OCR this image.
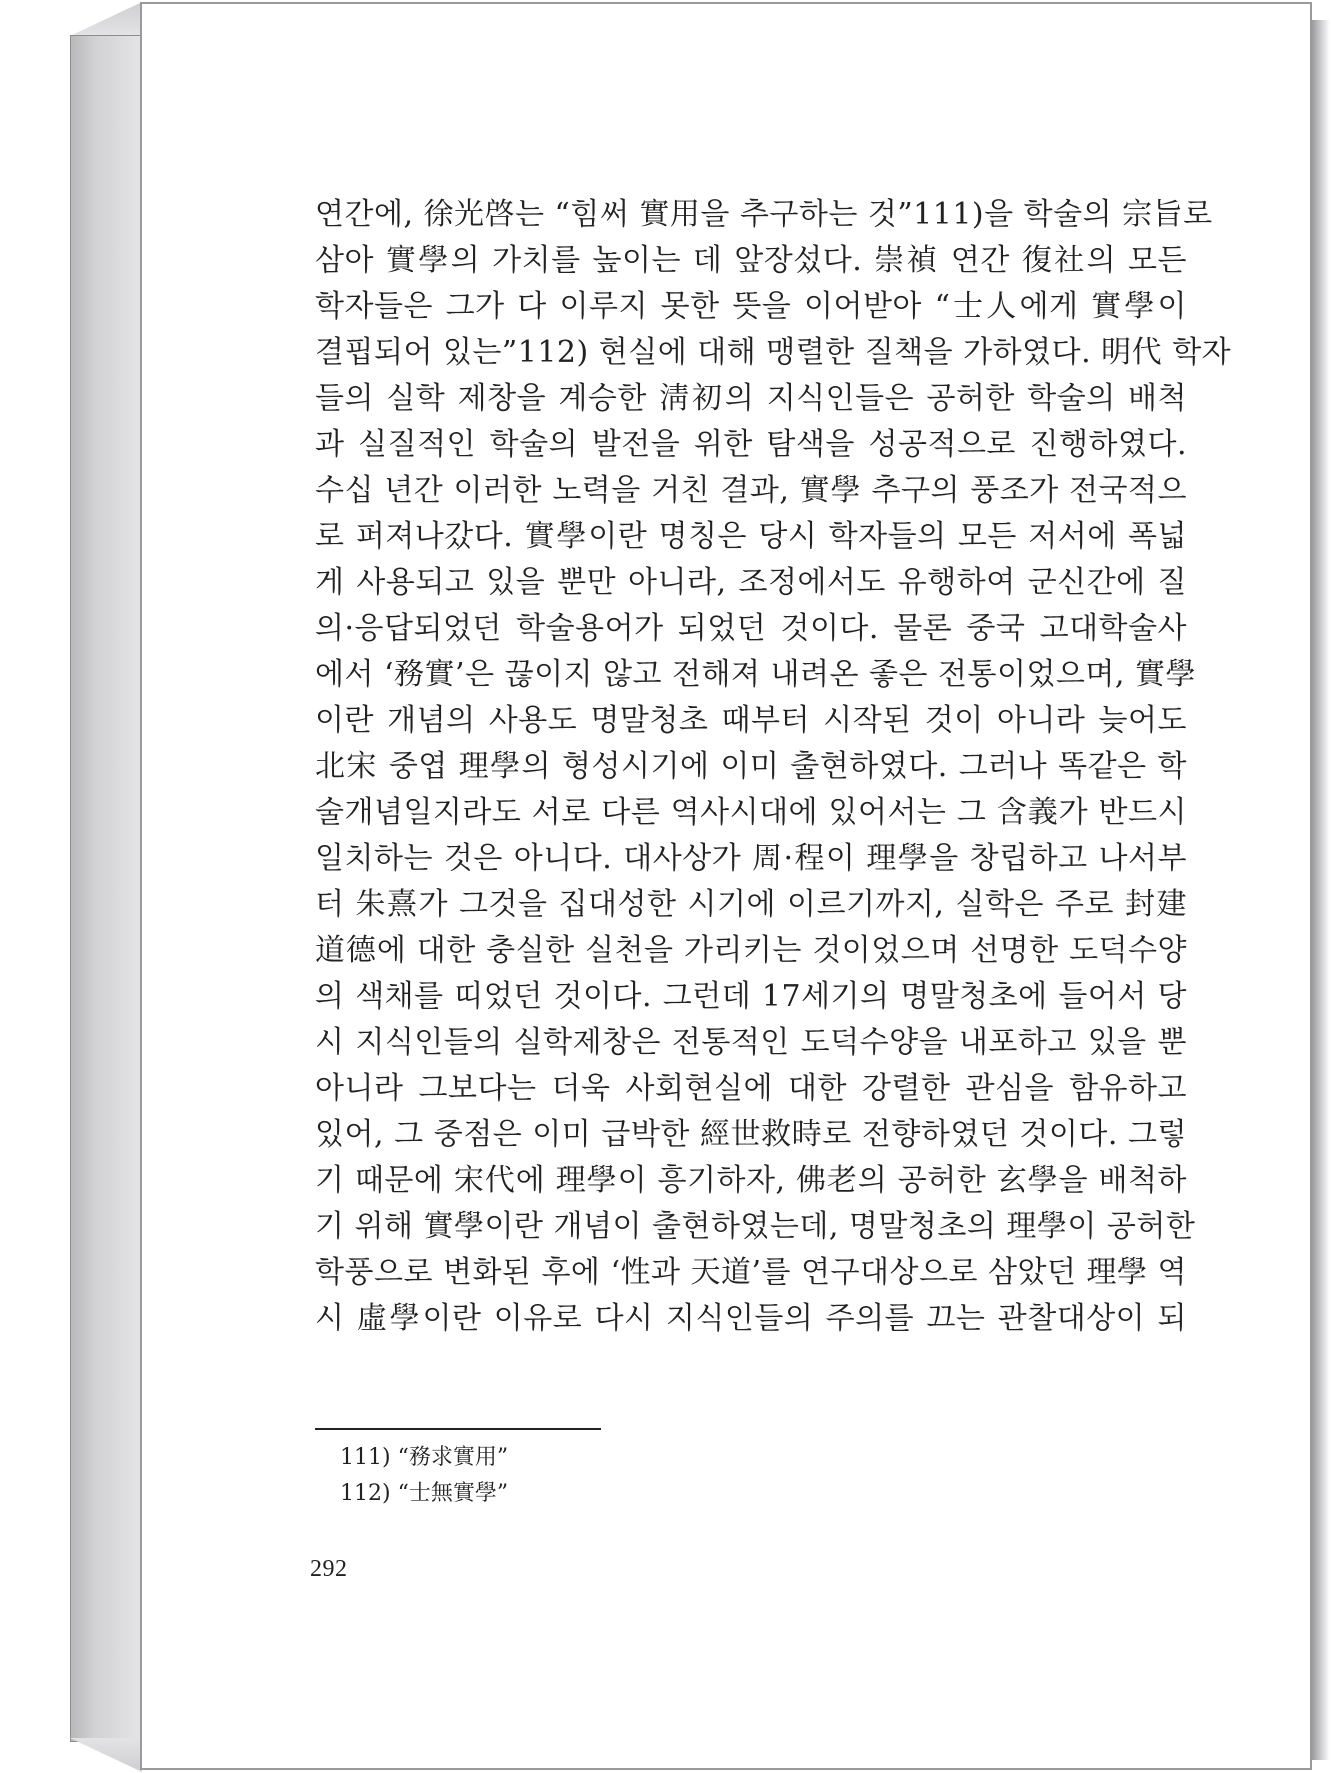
연간에, 徐光啓는 “힘써 實用을 추구하는 것”111)을 학술의 宗旨로
삼아 實學의 가치를 높이는 데 앞장섰다. 崇禎 연간 復社의 모든
학자들은 그가 다 이루지 못한 뜻을 이어받아 “士人에게 實學이
결핍되어 있는”112) 현실에 대해 맹렬한 질책을 가하였다. 明代 학자
들의 실학 제창을 계승한 淸初의 지식인들은 공허한 학술의 배척
과 실질적인 학술의 발전을 위한 탐색을 성공적으로 진행하였다.
수십 년간 이러한 노력을 거친 결과, 實學 추구의 풍조가 전국적으
로 퍼져나갔다. 實學이란 명칭은 당시 학자들의 모든 저서에 폭넓
게 사용되고 있을 뿐만 아니라, 조정에서도 유행하여 군신간에 질
의·응답되었던 학술용어가 되었던 것이다. 물론 중국 고대학술사
에서 ‘務實’은 끊이지 않고 전해져 내려온 좋은 전통이었으며, 實學
이란 개념의 사용도 명말청초 때부터 시작된 것이 아니라 늦어도
北宋 중엽 理學의 형성시기에 이미 출현하였다. 그러나 똑같은 학
술개념일지라도 서로 다른 역사시대에 있어서는 그 含義가 반드시
일치하는 것은 아니다. 대사상가 周·程이 理學을 창립하고 나서부
터 朱熹가 그것을 집대성한 시기에 이르기까지, 실학은 주로 封建
道德에 대한 충실한 실천을 가리키는 것이었으며 선명한 도덕수양
의 색채를 띠었던 것이다. 그런데 17세기의 명말청초에 들어서 당
시 지식인들의 실학제창은 전통적인 도덕수양을 내포하고 있을 뿐
아니라 그보다는 더욱 사회현실에 대한 강렬한 관심을 함유하고
있어, 그 중점은 이미 급박한 經世救時로 전향하였던 것이다. 그렇
기 때문에 宋代에 理學이 흥기하자, 佛老의 공허한 玄學을 배척하
기 위해 實學이란 개념이 출현하였는데, 명말청초의 理學이 공허한
학풍으로 변화된 후에 ‘性과 天道’를 연구대상으로 삼았던 理學 역
시 虛學이란 이유로 다시 지식인들의 주의를 끄는 관찰대상이 되
111) “務求實用”
112) “士無實學”
292
